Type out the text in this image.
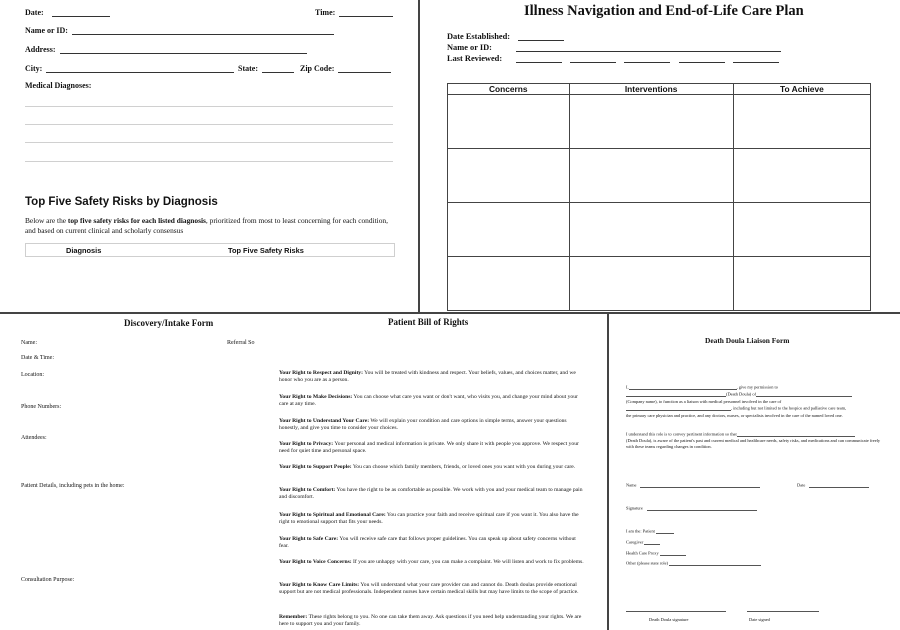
Date:	Time:
Name or ID:
Address:
City:	State:	Zip Code:
Medical Diagnoses:
Top Five Safety Risks by Diagnosis
Below are the top five safety risks for each listed diagnosis, prioritized from most to least concerning for each condition, and based on current clinical and scholarly consensus
Diagnosis	Top Five Safety Risks
Illness Navigation and End-of-Life Care Plan
Date Established:
Name or ID:
Last Reviewed:
Concerns	Interventions	To Achieve

Discovery/Intake Form
Name:	Referral So
Date & Time:
Location:
Phone Numbers:
Attendees:
Patient Details, including pets in the home:
Consultation Purpose:
Patient Bill of Rights
Your Right to Respect and Dignity: You will be treated with kindness and respect. Your beliefs, values, and choices matter, and we honor who you are as a person.
Your Right to Make Decisions: You can choose what care you want or don't want, who visits you, and change your mind about your care at any time.
Your Right to Understand Your Care: We will explain your condition and care options in simple terms, answer your questions honestly, and give you time to consider your choices.
Your Right to Privacy: Your personal and medical information is private. We only share it with people you approve. We respect your need for quiet time and personal space.
Your Right to Support People: You can choose which family members, friends, or loved ones you want with you during your care.
Your Right to Comfort: You have the right to be as comfortable as possible. We work with you and your medical team to manage pain and discomfort.
Your Right to Spiritual and Emotional Care: You can practice your faith and receive spiritual care if you want it. You also have the right to emotional support that fits your needs.
Your Right to Safe Care: You will receive safe care that follows proper guidelines. You can speak up about safety concerns without fear.
Your Right to Voice Concerns: If you are unhappy with your care, you can make a complaint. We will listen and work to fix problems.
Your Right to Know Care Limits: You will understand what your care provider can and cannot do. Death doulas provide emotional support but are not medical professionals. Independent nurses have certain medical skills but may have limits to the scope of practice.
Remember: These rights belong to you. No one can take them away. Ask questions if you need help understanding your rights. We are here to support you and your family.
Death Doula Liaison Form
I,	, give my permission to
(Death Doula) of
(Company name), to function as a liaison with medical personnel involved in the care of
, including but not limited to the hospice and palliative care team,
the primary care physician and practice, and any doctors, nurses, or specialists involved in the care of the named loved one.
I understand this role is to convey pertinent information so that
(Death Doula), is aware of the patient's past and current medical and healthcare needs, safety risks, and medications and can communicate freely with these teams regarding changes in condition.
Name	Date
Signature
I am the: Patient
Caregiver
Health Care Proxy
Other (please state role)
Death Doula signature	Date signed
